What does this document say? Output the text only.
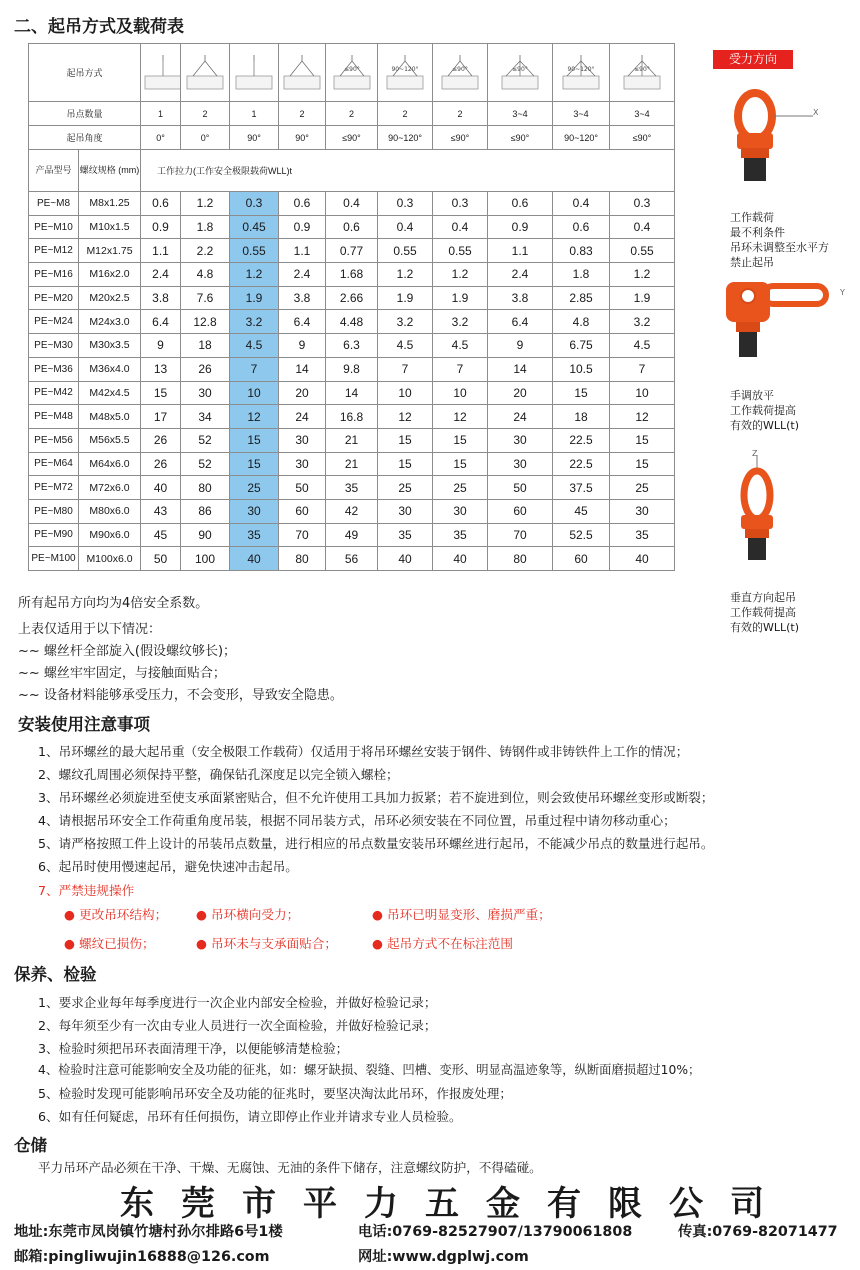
二、起吊方式及载荷表
起吊方式						≤90°	90~120°	≤90°	≤90°	90~120°	≤90°

吊点数量		1	2	1	2	2	2	2	3~4	3~4	3~4
起吊角度		0°	0°	90°	90°	≤90°	90~120°	≤90°	≤90°	90~120°	≤90°
产品型号	螺纹规格 (mm)	工作拉力(工作安全极限载荷WLL)t									
PE~M8	M8x1.25	0.6	1.2	0.3	0.6	0.4	0.3	0.3	0.6	0.4	0.3
PE~M10	M10x1.5	0.9	1.8	0.45	0.9	0.6	0.4	0.4	0.9	0.6	0.4
PE~M12	M12x1.75	1.1	2.2	0.55	1.1	0.77	0.55	0.55	1.1	0.83	0.55
PE~M16	M16x2.0	2.4	4.8	1.2	2.4	1.68	1.2	1.2	2.4	1.8	1.2
PE~M20	M20x2.5	3.8	7.6	1.9	3.8	2.66	1.9	1.9	3.8	2.85	1.9
PE~M24	M24x3.0	6.4	12.8	3.2	6.4	4.48	3.2	3.2	6.4	4.8	3.2
PE~M30	M30x3.5	9	18	4.5	9	6.3	4.5	4.5	9	6.75	4.5
PE~M36	M36x4.0	13	26	7	14	9.8	7	7	14	10.5	7
PE~M42	M42x4.5	15	30	10	20	14	10	10	20	15	10
PE~M48	M48x5.0	17	34	12	24	16.8	12	12	24	18	12
PE~M56	M56x5.5	26	52	15	30	21	15	15	30	22.5	15
PE~M64	M64x6.0	26	52	15	30	21	15	15	30	22.5	15
PE~M72	M72x6.0	40	80	25	50	35	25	25	50	37.5	25
PE~M80	M80x6.0	43	86	30	60	42	30	30	60	45	30
PE~M90	M90x6.0	45	90	35	70	49	35	35	70	52.5	35
PE~M100	M100x6.0	50	100	40	80	56	40	40	80	60	40
受力方向
X
工作载荷
最不利条件
吊环未调整至水平方
禁止起吊
Y
手调放平
工作载荷提高
有效的WLL(t)
Z
垂直方向起吊
工作载荷提高
有效的WLL(t)
所有起吊方向均为4倍安全系数。
上表仅适用于以下情况：
~~ 螺丝杆全部旋入(假设螺纹够长)；
~~ 螺丝牢牢固定，与接触面贴合；
~~ 设备材料能够承受压力，不会变形，导致安全隐患。
安装使用注意事项
1、吊环螺丝的最大起吊重（安全极限工作载荷）仅适用于将吊环螺丝安装于钢件、铸钢件或非铸铁件上工作的情况；
2、螺纹孔周围必须保持平整，确保钻孔深度足以完全锁入螺栓；
3、吊环螺丝必须旋进至使支承面紧密贴合，但不允许使用工具加力扳紧；若不旋进到位，则会致使吊环螺丝变形或断裂；
4、请根据吊环安全工作荷重角度吊装，根据不同吊装方式，吊环必须安装在不同位置，吊重过程中请勿移动重心；
5、请严格按照工件上设计的吊装吊点数量，进行相应的吊点数量安装吊环螺丝进行起吊，不能减少吊点的数量进行起吊。
6、起吊时使用慢速起吊，避免快速冲击起吊。
7、严禁违规操作
● 更改吊环结构； ● 吊环横向受力；	● 吊环已明显变形、磨损严重；
● 螺纹已损伤；	● 吊环未与支承面贴合；	● 起吊方式不在标注范围
保养、检验
1、要求企业每年每季度进行一次企业内部安全检验，并做好检验记录；
2、每年须至少有一次由专业人员进行一次全面检验，并做好检验记录；
3、检验时须把吊环表面清理干净，以便能够清楚检验；
4、检验时注意可能影响安全及功能的征兆，如：螺牙缺损、裂缝、凹槽、变形、明显高温迹象等，纵断面磨损超过10%；
5、检验时发现可能影响吊环安全及功能的征兆时，要坚决淘汰此吊环，作报废处理；
6、如有任何疑虑，吊环有任何损伤，请立即停止作业并请求专业人员检验。
仓储
平力吊环产品必须在干净、干燥、无腐蚀、无油的条件下储存，注意螺纹防护，不得磕碰。
东莞市平力五金有限公司
地址:东莞市凤岗镇竹塘村孙尔排路6号1楼	电话:0769-82527907/13790061808	传真:0769-82071477
邮箱:pingliwujin16888@126.com	网址:www.dgplwj.com
